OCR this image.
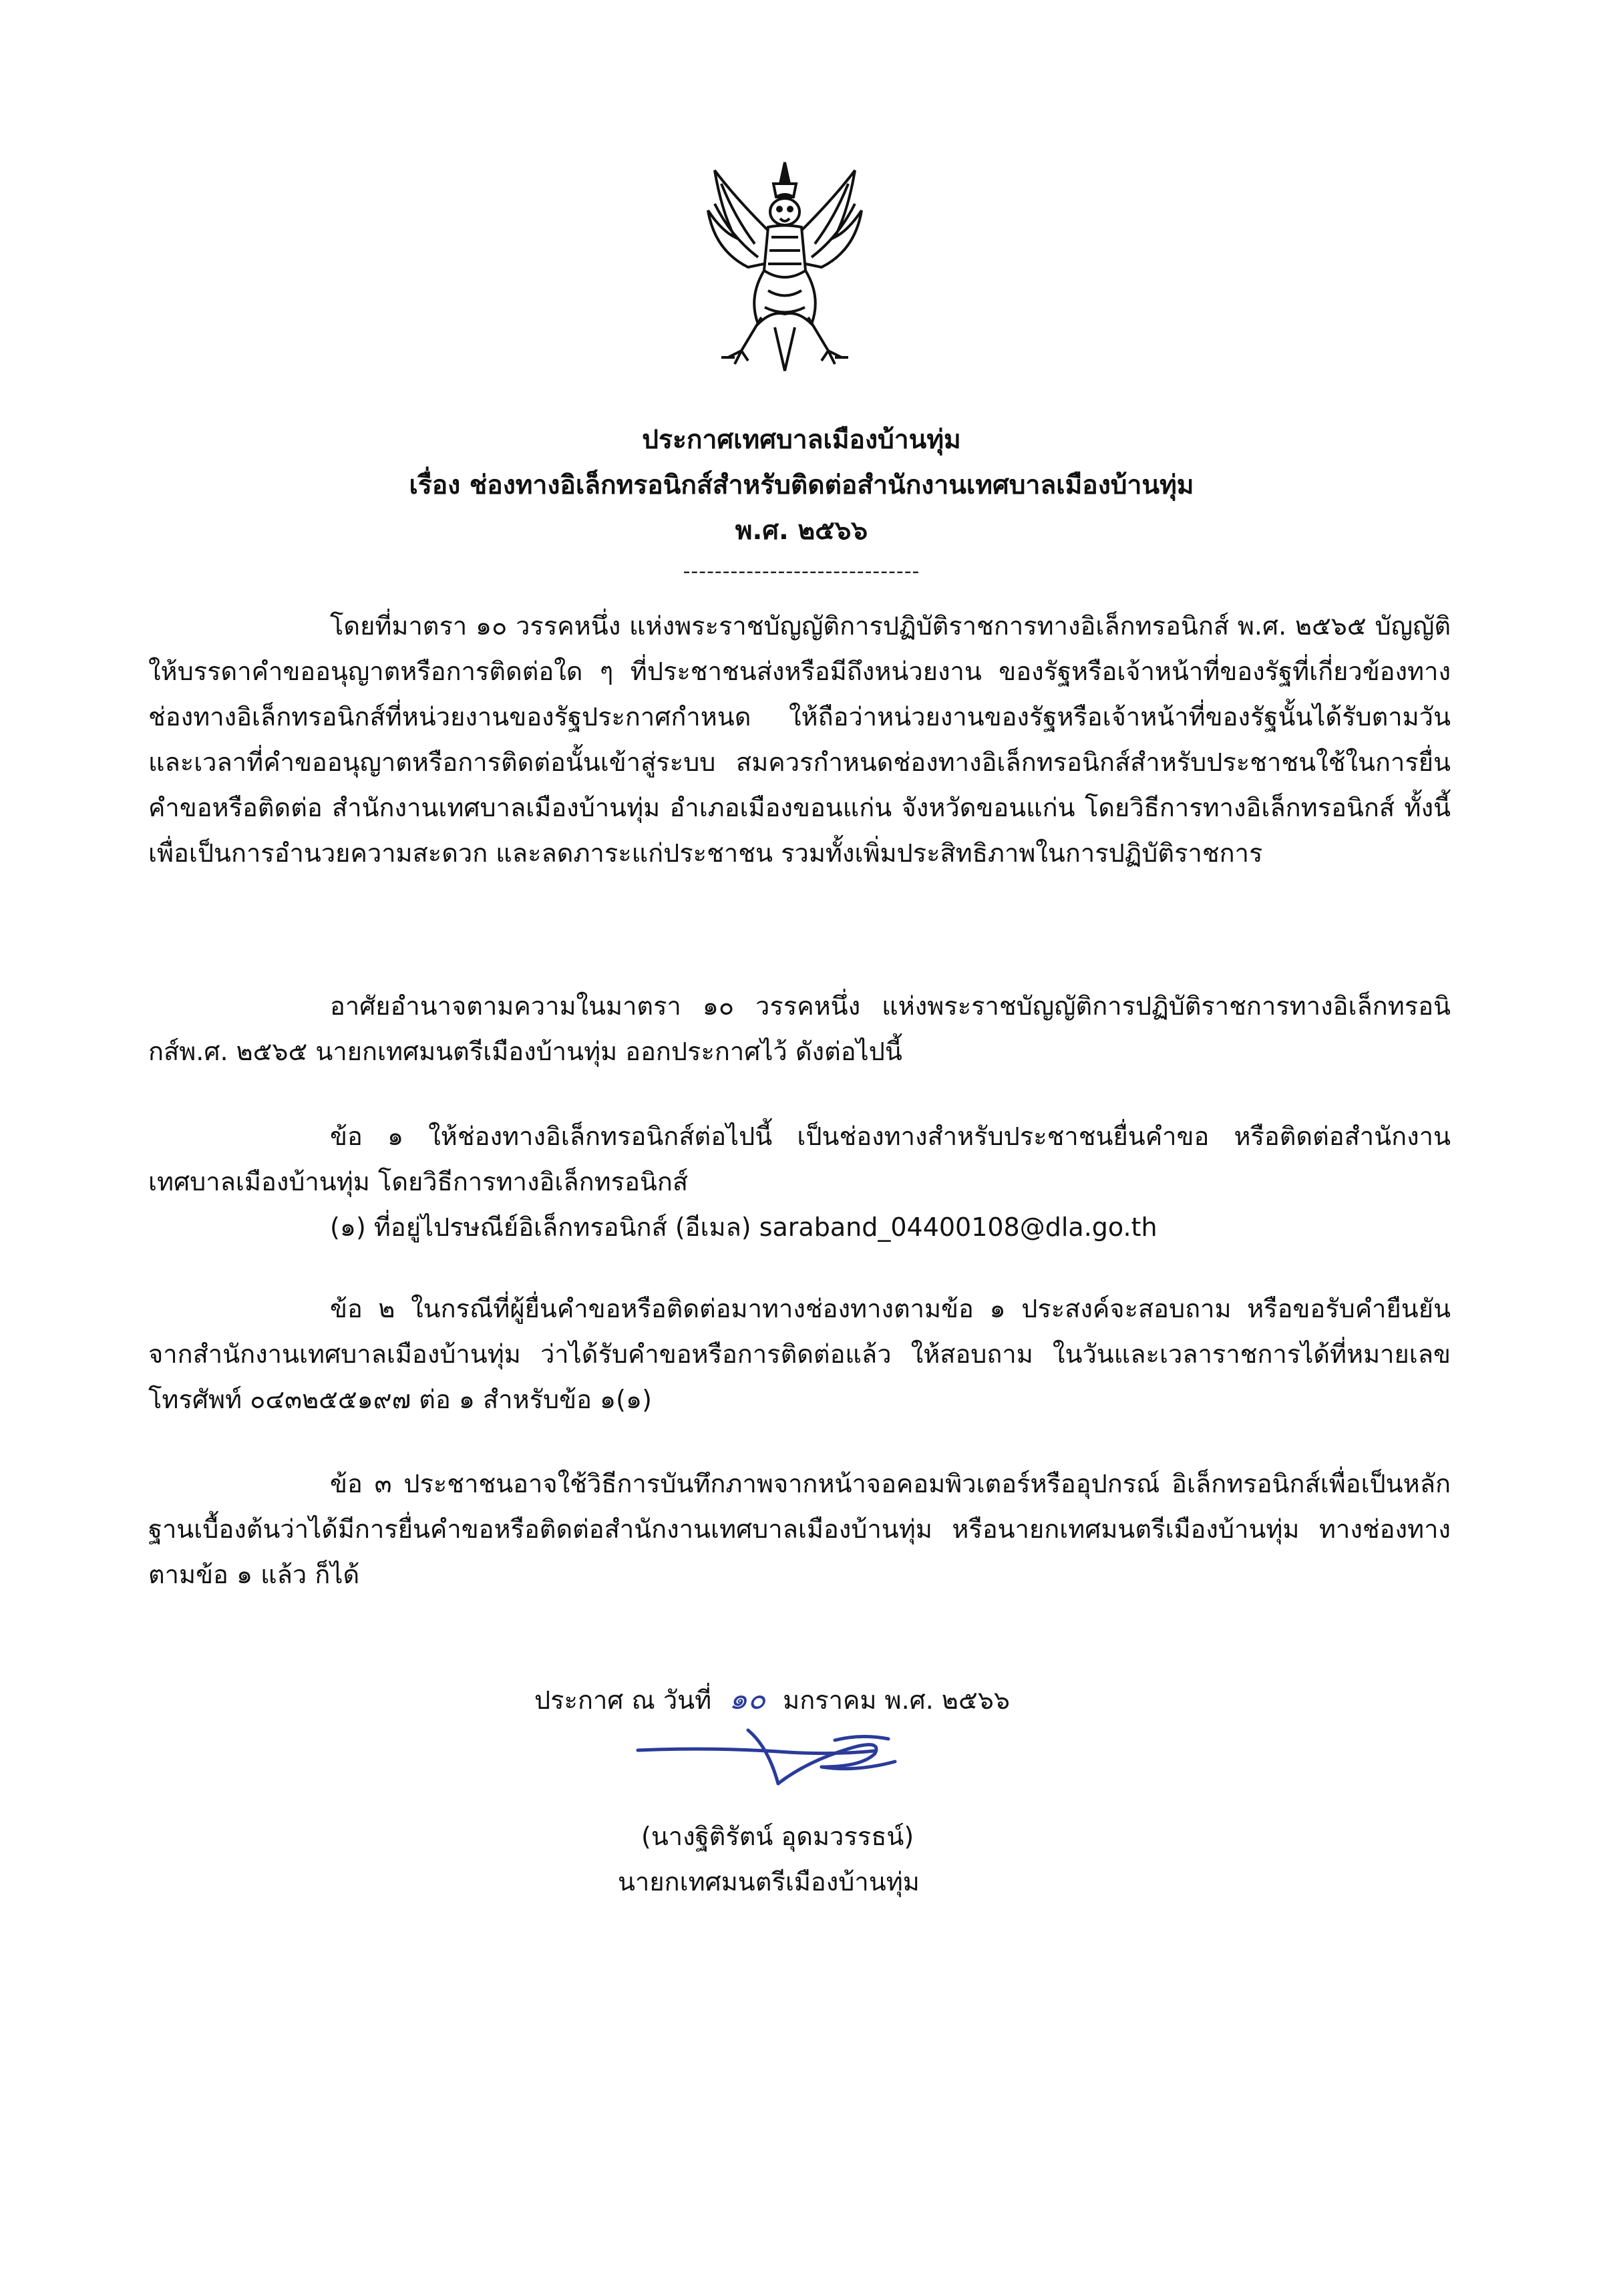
ประกาศเทศบาลเมืองบ้านทุ่ม
เรื่อง ช่องทางอิเล็กทรอนิกส์สำหรับติดต่อสำนักงานเทศบาลเมืองบ้านทุ่ม
พ.ศ. ๒๕๖๖
------------------------------

โดยที่มาตรา ๑๐ วรรคหนึ่ง แห่งพระราชบัญญัติการปฏิบัติราชการทางอิเล็กทรอนิกส์ พ.ศ. ๒๕๖๕ บัญญัติให้บรรดาคำขออนุญาตหรือการติดต่อใด ๆ ที่ประชาชนส่งหรือมีถึงหน่วยงาน ของรัฐหรือเจ้าหน้าที่ของรัฐที่เกี่ยวข้องทางช่องทางอิเล็กทรอนิกส์ที่หน่วยงานของรัฐประกาศกำหนด ให้ถือว่าหน่วยงานของรัฐหรือเจ้าหน้าที่ของรัฐนั้นได้รับตามวันและเวลาที่คำขออนุญาตหรือการติดต่อนั้นเข้าสู่ระบบ สมควรกำหนดช่องทางอิเล็กทรอนิกส์สำหรับประชาชนใช้ในการยื่นคำขอหรือติดต่อ สำนักงานเทศบาลเมืองบ้านทุ่ม อำเภอเมืองขอนแก่น จังหวัดขอนแก่น โดยวิธีการทางอิเล็กทรอนิกส์ ทั้งนี้ เพื่อเป็นการอำนวยความสะดวก และลดภาระแก่ประชาชน รวมทั้งเพิ่มประสิทธิภาพในการปฏิบัติราชการ

อาศัยอำนาจตามความในมาตรา ๑๐ วรรคหนึ่ง แห่งพระราชบัญญัติการปฏิบัติราชการทางอิเล็กทรอนิกส์พ.ศ. ๒๕๖๕ นายกเทศมนตรีเมืองบ้านทุ่ม ออกประกาศไว้ ดังต่อไปนี้

ข้อ ๑ ให้ช่องทางอิเล็กทรอนิกส์ต่อไปนี้ เป็นช่องทางสำหรับประชาชนยื่นคำขอ หรือติดต่อสำนักงานเทศบาลเมืองบ้านทุ่ม โดยวิธีการทางอิเล็กทรอนิกส์

(๑) ที่อยู่ไปรษณีย์อิเล็กทรอนิกส์ (อีเมล) saraband_04400108@dla.go.th

ข้อ ๒ ในกรณีที่ผู้ยื่นคำขอหรือติดต่อมาทางช่องทางตามข้อ ๑ ประสงค์จะสอบถาม หรือขอรับคำยืนยันจากสำนักงานเทศบาลเมืองบ้านทุ่ม ว่าได้รับคำขอหรือการติดต่อแล้ว ให้สอบถาม ในวันและเวลาราชการได้ที่หมายเลขโทรศัพท์ ๐๔๓๒๕๕๑๙๗ ต่อ ๑ สำหรับข้อ ๑(๑)

ข้อ ๓ ประชาชนอาจใช้วิธีการบันทึกภาพจากหน้าจอคอมพิวเตอร์หรืออุปกรณ์ อิเล็กทรอนิกส์เพื่อเป็นหลักฐานเบื้องต้นว่าได้มีการยื่นคำขอหรือติดต่อสำนักงานเทศบาลเมืองบ้านทุ่ม หรือนายกเทศมนตรีเมืองบ้านทุ่ม ทางช่องทางตามข้อ ๑ แล้ว ก็ได้

ประกาศ ณ วันที่ ๑๐ มกราคม พ.ศ. ๒๕๖๖
(นางฐิติรัตน์ อุดมวรรธน์)
นายกเทศมนตรีเมืองบ้านทุ่ม
